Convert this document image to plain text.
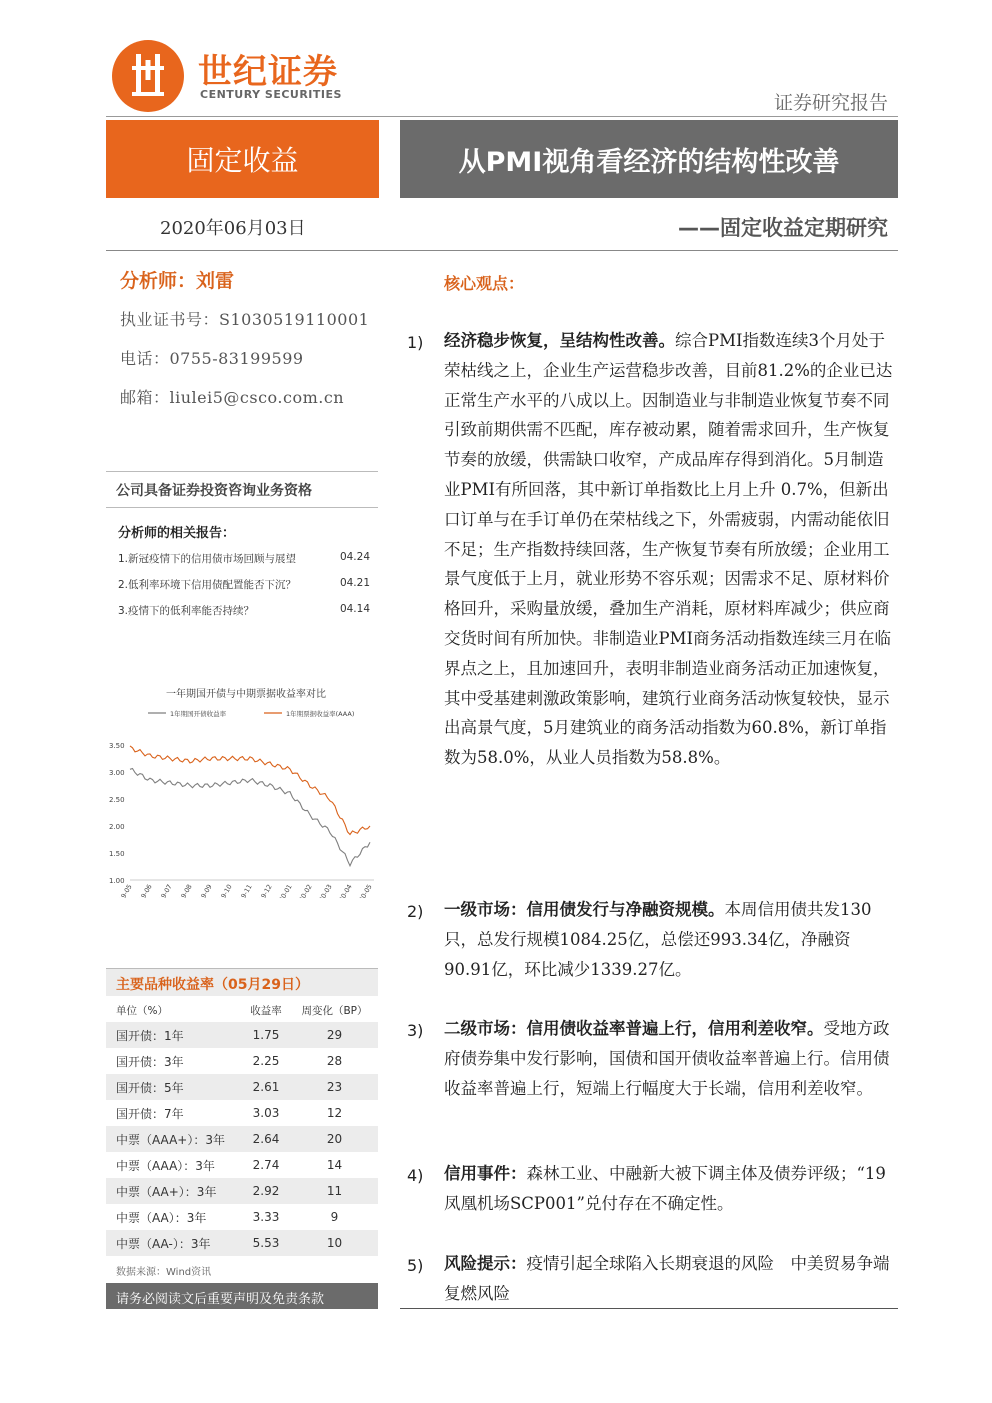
世纪证券
CENTURY SECURITIES	证券研究报告
固定收益	从PMI视角看经济的结构性改善
2020年06月03日	——固定收益定期研究
分析师：刘雷
执业证书号：S1030519110001
电话：0755-83199599
邮箱：liulei5@csco.com.cn
公司具备证券投资咨询业务资格
分析师的相关报告：
1.新冠疫情下的信用债市场回顾与展望	04.24
2.低利率环境下信用债配置能否下沉？	04.21
3.疫情下的低利率能否持续？	04.14
一年期国开债与中期票据收益率对比
1年期国开债收益率	1年期票据收益率(AAA)
3.50
3.00
2.50
2.00
1.50
1.00
19-05 19-06 19-07 19-08 19-09 19-10 19-11 19-12 20-01 20-02 20-03 20-04 20-05
主要品种收益率（05月29日）
单位（%）	收益率	周变化（BP）
国开债：1年	1.75	29
国开债：3年	2.25	28
国开债：5年	2.61	23
国开债：7年	3.03	12
中票（AAA+）：3年	2.64	20
中票（AAA）：3年	2.74	14
中票（AA+）：3年	2.92	11
中票（AA）：3年	3.33	9
中票（AA-）：3年	5.53	10
数据来源：Wind资讯
请务必阅读文后重要声明及免责条款
核心观点：
1) 经济稳步恢复，呈结构性改善。综合PMI指数连续3个月处于荣枯线之上，企业生产运营稳步改善，目前81.2%的企业已达正常生产水平的八成以上。因制造业与非制造业恢复节奏不同引致前期供需不匹配，库存被动累，随着需求回升，生产恢复节奏的放缓，供需缺口收窄，产成品库存得到消化。5月制造业PMI有所回落，其中新订单指数比上月上升 0.7%，但新出口订单与在手订单仍在荣枯线之下，外需疲弱，内需动能依旧不足；生产指数持续回落，生产恢复节奏有所放缓；企业用工景气度低于上月，就业形势不容乐观；因需求不足、原材料价格回升，采购量放缓，叠加生产消耗，原材料库减少；供应商交货时间有所加快。非制造业PMI商务活动指数连续三月在临界点之上，且加速回升，表明非制造业商务活动正加速恢复，其中受基建刺激政策影响，建筑行业商务活动恢复较快，显示出高景气度，5月建筑业的商务活动指数为60.8%，新订单指数为58.0%，从业人员指数为58.8%。
2) 一级市场：信用债发行与净融资规模。本周信用债共发130只，总发行规模1084.25亿，总偿还993.34亿，净融资90.91亿，环比减少1339.27亿。
3) 二级市场：信用债收益率普遍上行，信用利差收窄。受地方政府债券集中发行影响，国债和国开债收益率普遍上行。信用债收益率普遍上行，短端上行幅度大于长端，信用利差收窄。
4) 信用事件：森林工业、中融新大被下调主体及债券评级；“19凤凰机场SCP001”兑付存在不确定性。
5) 风险提示：疫情引起全球陷入长期衰退的风险　中美贸易争端复燃风险
